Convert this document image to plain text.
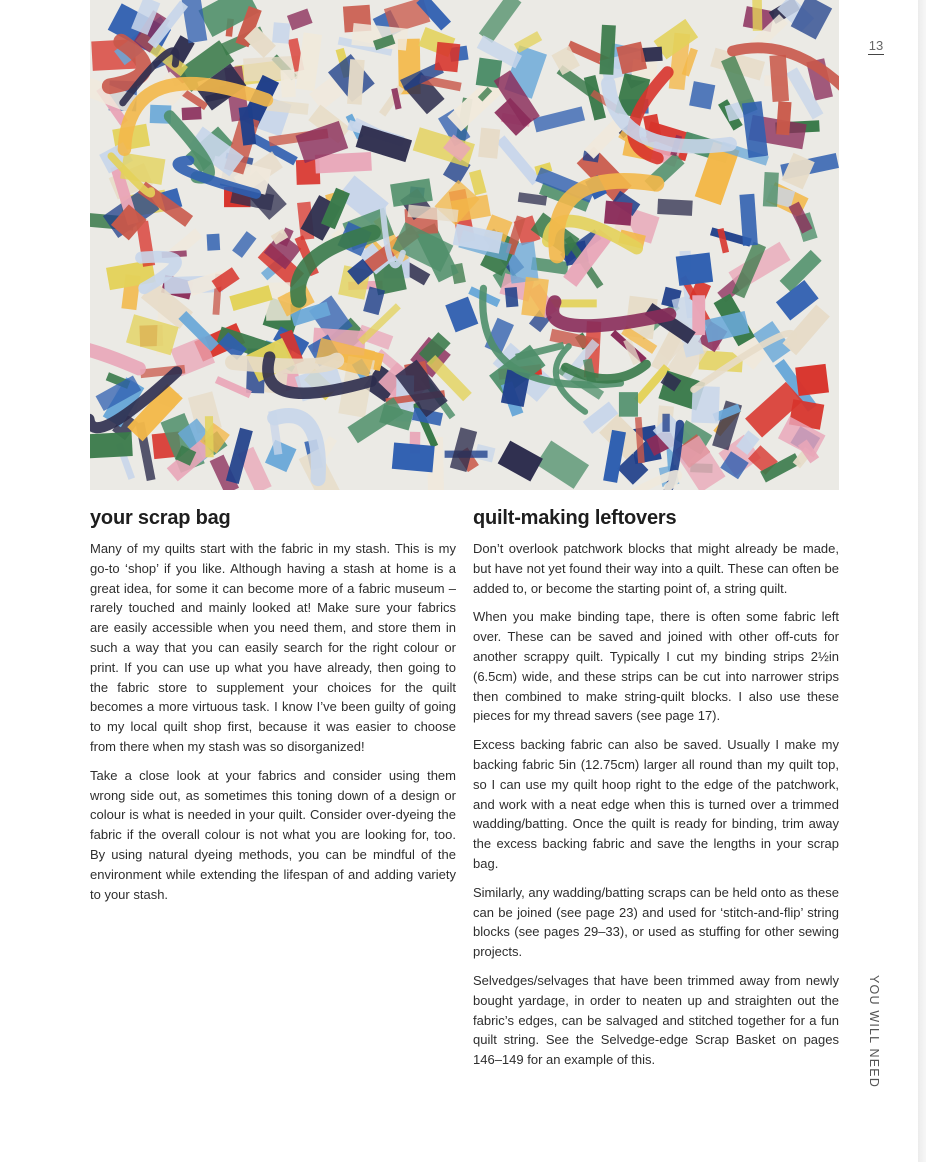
13
YOU WILL NEED
your scrap bag

Many of my quilts start with the fabric in my stash. This is my go-to ‘shop’ if you like. Although having a stash at home is a great idea, for some it can become more of a fabric museum – rarely touched and mainly looked at! Make sure your fabrics are easily accessible when you need them, and store them in such a way that you can easily search for the right colour or print. If you can use up what you have already, then going to the fabric store to supplement your choices for the quilt becomes a more virtuous task. I know I’ve been guilty of going to my local quilt shop first, because it was easier to choose from there when my stash was so disorganized!

Take a close look at your fabrics and consider using them wrong side out, as sometimes this toning down of a design or colour is what is needed in your quilt. Consider over-dyeing the fabric if the overall colour is not what you are looking for, too. By using natural dyeing methods, you can be mindful of the environment while extending the lifespan of and adding variety to your stash.

quilt-making leftovers

Don’t overlook patchwork blocks that might already be made, but have not yet found their way into a quilt. These can often be added to, or become the starting point of, a string quilt.

When you make binding tape, there is often some fabric left over. These can be saved and joined with other off-cuts for another scrappy quilt. Typically I cut my binding strips 2½in (6.5cm) wide, and these strips can be cut into narrower strips then combined to make string-quilt blocks. I also use these pieces for my thread savers (see page 17).

Excess backing fabric can also be saved. Usually I make my backing fabric 5in (12.75cm) larger all round than my quilt top, so I can use my quilt hoop right to the edge of the patchwork, and work with a neat edge when this is turned over a trimmed wadding/batting. Once the quilt is ready for binding, trim away the excess backing fabric and save the lengths in your scrap bag.

Similarly, any wadding/batting scraps can be held onto as these can be joined (see page 23) and used for ‘stitch-and-flip’ string blocks (see pages 29–33), or used as stuffing for other sewing projects.

Selvedges/selvages that have been trimmed away from newly bought yardage, in order to neaten up and straighten out the fabric’s edges, can be salvaged and stitched together for a fun quilt string. See the Selvedge-edge Scrap Basket on pages 146–149 for an example of this.
